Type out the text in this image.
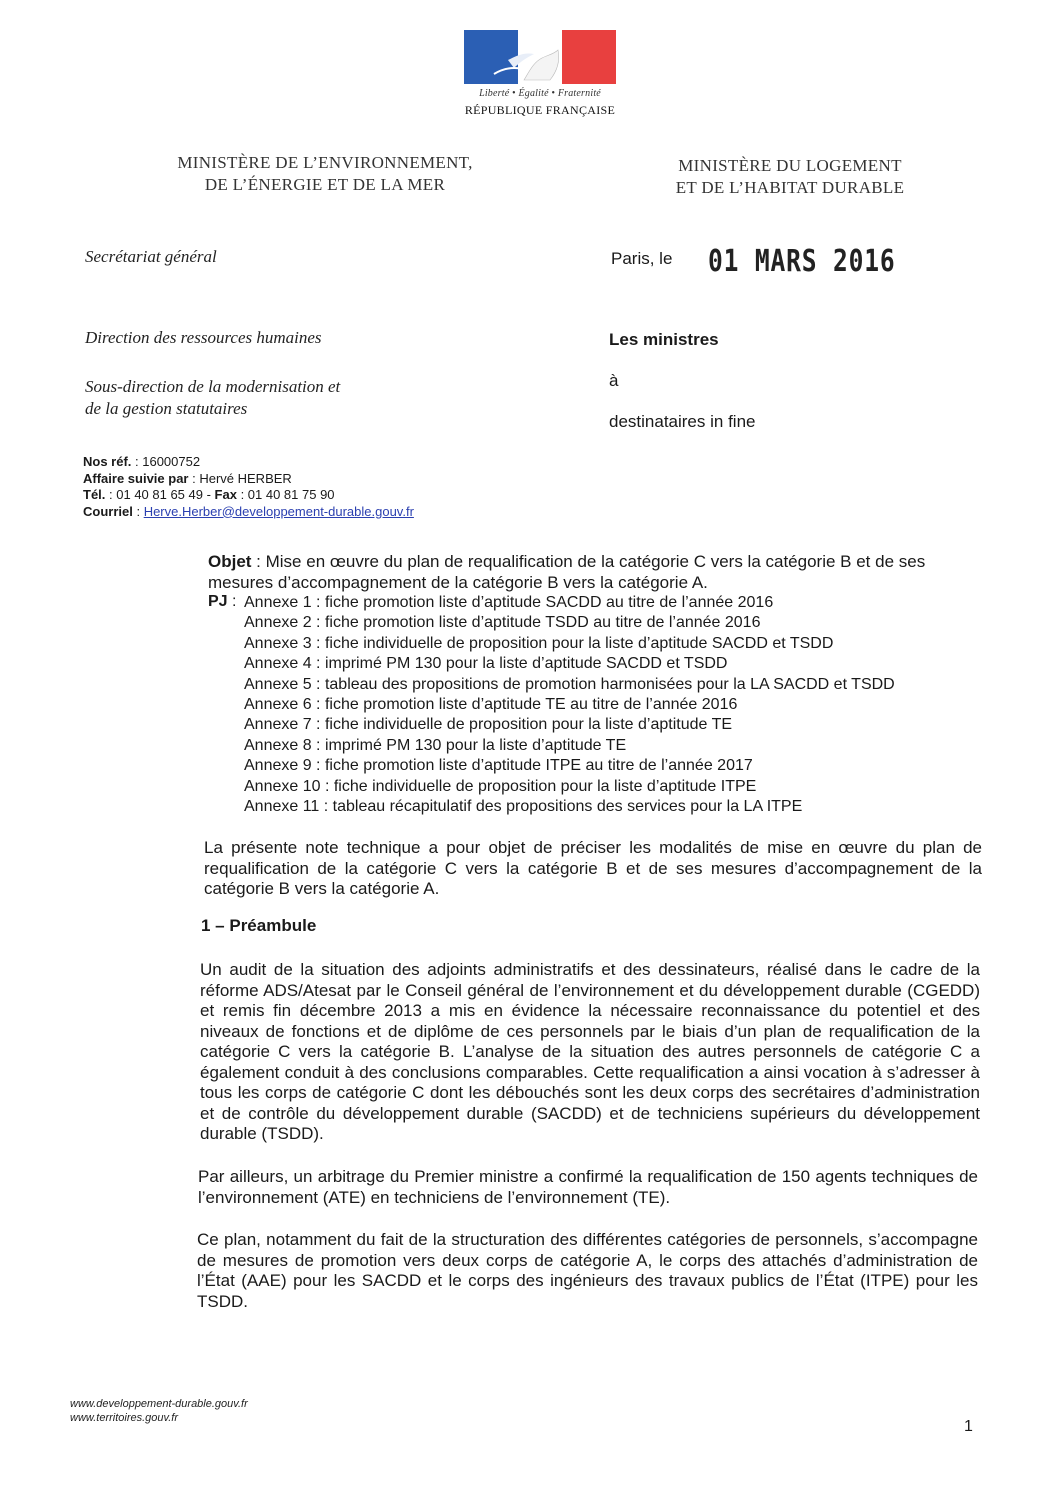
Liberté • Égalité • Fraternité
RÉPUBLIQUE FRANÇAISE
MINISTÈRE DE L’ENVIRONNEMENT,
DE L’ÉNERGIE ET DE LA MER
MINISTÈRE DU LOGEMENT
ET DE L’HABITAT DURABLE
Secrétariat général
Direction des ressources humaines
Sous-direction de la modernisation et
de la gestion statutaires
Paris, le 01 MARS 2016
Les ministres
à
destinataires in fine
Nos réf. : 16000752
Affaire suivie par : Hervé HERBER
Tél. : 01 40 81 65 49 - Fax : 01 40 81 75 90
Courriel : Herve.Herber@developpement-durable.gouv.fr
Objet : Mise en œuvre du plan de requalification de la catégorie C vers la catégorie B et de ses mesures d’accompagnement de la catégorie B vers la catégorie A.
PJ : Annexe 1 : fiche promotion liste d’aptitude SACDD au titre de l’année 2016
Annexe 2 : fiche promotion liste d’aptitude TSDD au titre de l’année 2016
Annexe 3 : fiche individuelle de proposition pour la liste d’aptitude SACDD et TSDD
Annexe 4 : imprimé PM 130 pour la liste d’aptitude SACDD et TSDD
Annexe 5 : tableau des propositions de promotion harmonisées pour la LA SACDD et TSDD
Annexe 6 : fiche promotion liste d’aptitude TE au titre de l’année 2016
Annexe 7 : fiche individuelle de proposition pour la liste d’aptitude TE
Annexe 8 : imprimé PM 130 pour la liste d’aptitude TE
Annexe 9 : fiche promotion liste d’aptitude ITPE au titre de l’année 2017
Annexe 10 : fiche individuelle de proposition pour la liste d’aptitude ITPE
Annexe 11 : tableau récapitulatif des propositions des services pour la LA ITPE
La présente note technique a pour objet de préciser les modalités de mise en œuvre du plan de requalification de la catégorie C vers la catégorie B et de ses mesures d’accompagnement de la catégorie B vers la catégorie A.
1 – Préambule
Un audit de la situation des adjoints administratifs et des dessinateurs, réalisé dans le cadre de la réforme ADS/Atesat par le Conseil général de l’environnement et du développement durable (CGEDD) et remis fin décembre 2013 a mis en évidence la nécessaire reconnaissance du potentiel et des niveaux de fonctions et de diplôme de ces personnels par le biais d’un plan de requalification de la catégorie C vers la catégorie B. L’analyse de la situation des autres personnels de catégorie C a également conduit à des conclusions comparables. Cette requalification a ainsi vocation à s’adresser à tous les corps de catégorie C dont les débouchés sont les deux corps des secrétaires d’administration et de contrôle du développement durable (SACDD) et de techniciens supérieurs du développement durable (TSDD).
Par ailleurs, un arbitrage du Premier ministre a confirmé la requalification de 150 agents techniques de l’environnement (ATE) en techniciens de l’environnement (TE).
Ce plan, notamment du fait de la structuration des différentes catégories de personnels, s’accompagne de mesures de promotion vers deux corps de catégorie A, le corps des attachés d’administration de l’État (AAE) pour les SACDD et le corps des ingénieurs des travaux publics de l’État (ITPE) pour les TSDD.
www.developpement-durable.gouv.fr
www.territoires.gouv.fr	1
